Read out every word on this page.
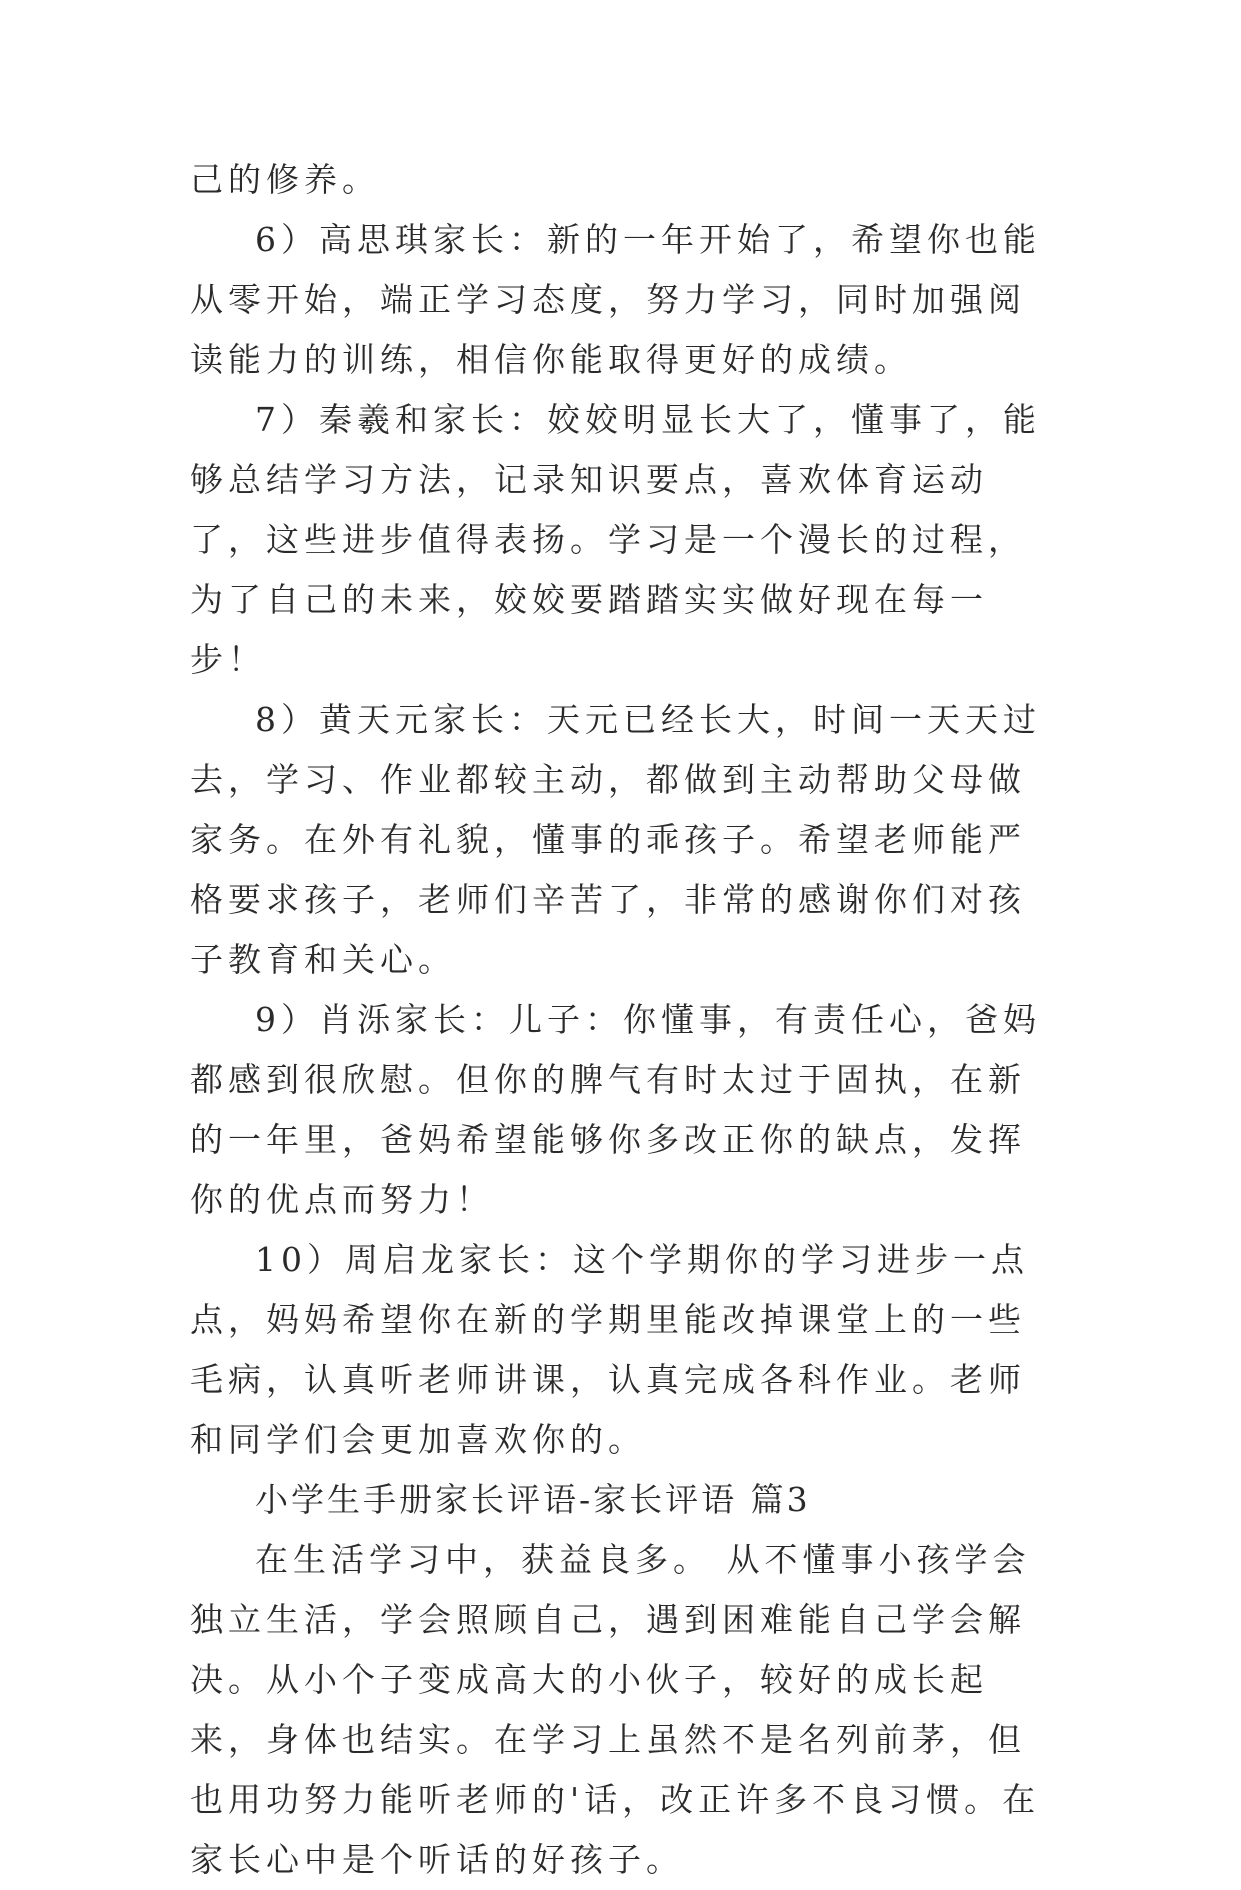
己的修养。

6）高思琪家长：新的一年开始了，希望你也能从零开始，端正学习态度，努力学习，同时加强阅读能力的训练，相信你能取得更好的成绩。

7）秦羲和家长：姣姣明显长大了，懂事了，能够总结学习方法，记录知识要点，喜欢体育运动了，这些进步值得表扬。学习是一个漫长的过程，为了自己的未来，姣姣要踏踏实实做好现在每一步！

8）黄天元家长：天元已经长大，时间一天天过去，学习、作业都较主动，都做到主动帮助父母做家务。在外有礼貌，懂事的乖孩子。希望老师能严格要求孩子，老师们辛苦了，非常的感谢你们对孩子教育和关心。

9）肖泺家长：儿子：你懂事，有责任心，爸妈都感到很欣慰。但你的脾气有时太过于固执，在新的一年里，爸妈希望能够你多改正你的缺点，发挥你的优点而努力！

10）周启龙家长：这个学期你的学习进步一点点，妈妈希望你在新的学期里能改掉课堂上的一些毛病，认真听老师讲课，认真完成各科作业。老师和同学们会更加喜欢你的。

小学生手册家长评语-家长评语 篇3

在生活学习中，获益良多。 从不懂事小孩学会独立生活，学会照顾自己，遇到困难能自己学会解决。从小个子变成高大的小伙子，较好的成长起来，身体也结实。在学习上虽然不是名列前茅，但也用功努力能听老师的'话，改正许多不良习惯。在家长心中是个听话的好孩子。
